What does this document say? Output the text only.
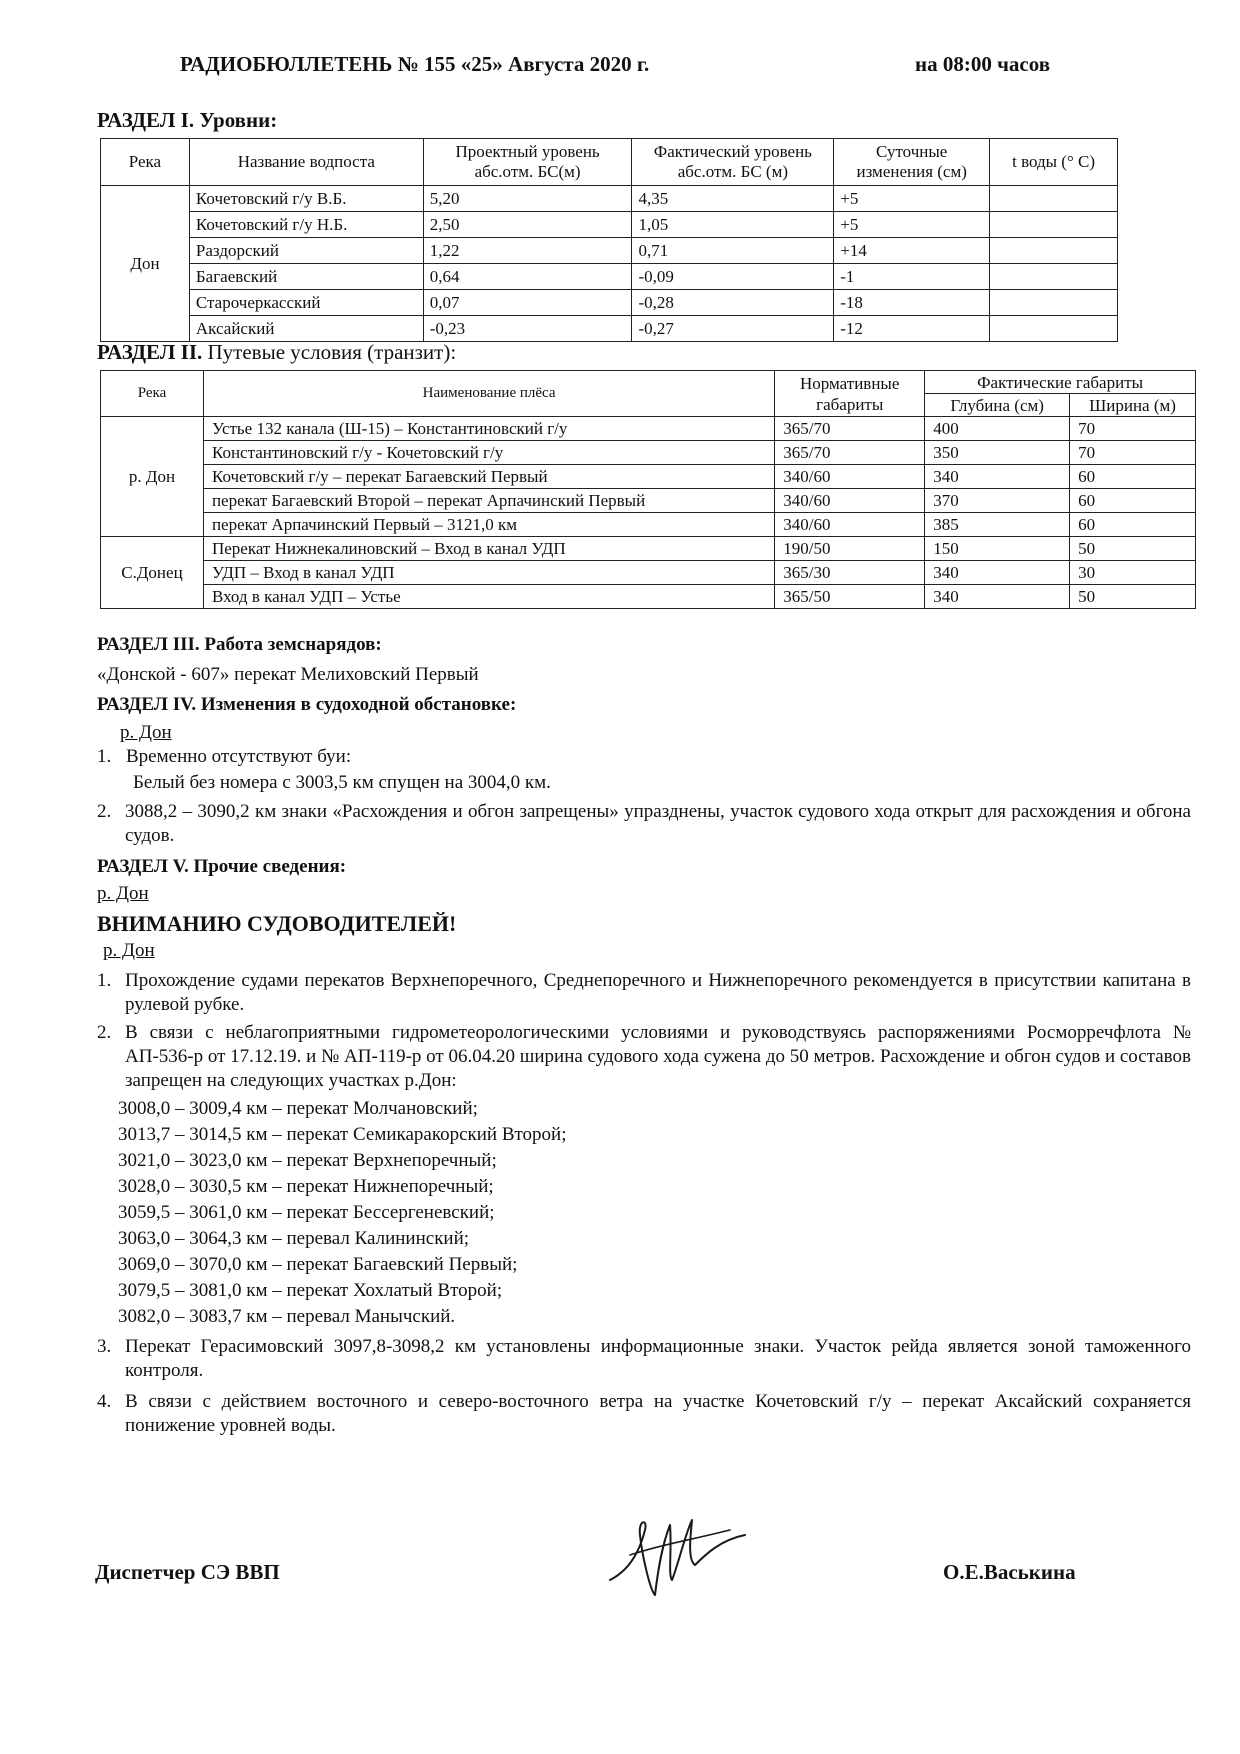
РАДИОБЮЛЛЕТЕНЬ № 155 «25» Августа 2020 г.	на 08:00 часов
РАЗДЕЛ I. Уровни:
Река	Название водпоста	Проектный уровень абс.отм. БС(м)	Фактический уровень абс.отм. БС (м)	Суточные изменения (см)	t воды (° С)
Дон	Кочетовский г/у В.Б.	5,20	4,35	+5	
	Кочетовский г/у Н.Б.	2,50	1,05	+5	
	Раздорский	1,22	0,71	+14	
	Багаевский	0,64	-0,09	-1	
	Старочеркасский	0,07	-0,28	-18	
	Аксайский	-0,23	-0,27	-12	
РАЗДЕЛ II. Путевые условия (транзит):
Река	Наименование плёса	Нормативные габариты	Фактические габариты	
			Глубина (см)	Ширина (м)
р. Дон	Устье 132 канала (Ш-15) – Константиновский г/у	365/70	400	70
	Константиновский г/у - Кочетовский г/у	365/70	350	70
	Кочетовский г/у – перекат Багаевский Первый	340/60	340	60
	перекат Багаевский Второй – перекат Арпачинский Первый	340/60	370	60
	перекат Арпачинский Первый – 3121,0 км	340/60	385	60
С.Донец	Перекат Нижнекалиновский – Вход в канал УДП	190/50	150	50
	УДП – Вход в канал УДП	365/30	340	30
	Вход в канал УДП – Устье	365/50	340	50
РАЗДЕЛ III. Работа земснарядов:
«Донской - 607» перекат Мелиховский Первый
РАЗДЕЛ IV. Изменения в судоходной обстановке:
р. Дон
1. Временно отсутствуют буи:
Белый без номера с 3003,5 км спущен на 3004,0 км.
2. 3088,2 – 3090,2 км знаки «Расхождения и обгон запрещены» упразднены, участок судового хода открыт для расхождения и обгона судов.
РАЗДЕЛ V. Прочие сведения:
р. Дон
ВНИМАНИЮ СУДОВОДИТЕЛЕЙ!
р. Дон
1. Прохождение судами перекатов Верхнепоречного, Среднепоречного и Нижнепоречного рекомендуется в присутствии капитана в рулевой рубке.
2. В связи с неблагоприятными гидрометеорологическими условиями и руководствуясь распоряжениями Росморречфлота № АП-536-р от 17.12.19. и № АП-119-р от 06.04.20 ширина судового хода сужена до 50 метров. Расхождение и обгон судов и составов запрещен на следующих участках р.Дон:
3008,0 – 3009,4 км – перекат Молчановский;
3013,7 – 3014,5 км – перекат Семикаракорский Второй;
3021,0 – 3023,0 км – перекат Верхнепоречный;
3028,0 – 3030,5 км – перекат Нижнепоречный;
3059,5 – 3061,0 км – перекат Бессергеневский;
3063,0 – 3064,3 км – перевал Калининский;
3069,0 – 3070,0 км – перекат Багаевский Первый;
3079,5 – 3081,0 км – перекат Хохлатый Второй;
3082,0 – 3083,7 км – перевал Манычский.
3. Перекат Герасимовский 3097,8-3098,2 км установлены информационные знаки. Участок рейда является зоной таможенного контроля.
4. В связи с действием восточного и северо-восточного ветра на участке Кочетовский г/у – перекат Аксайский сохраняется понижение уровней воды.
Диспетчер СЭ ВВП	О.Е.Васькина
